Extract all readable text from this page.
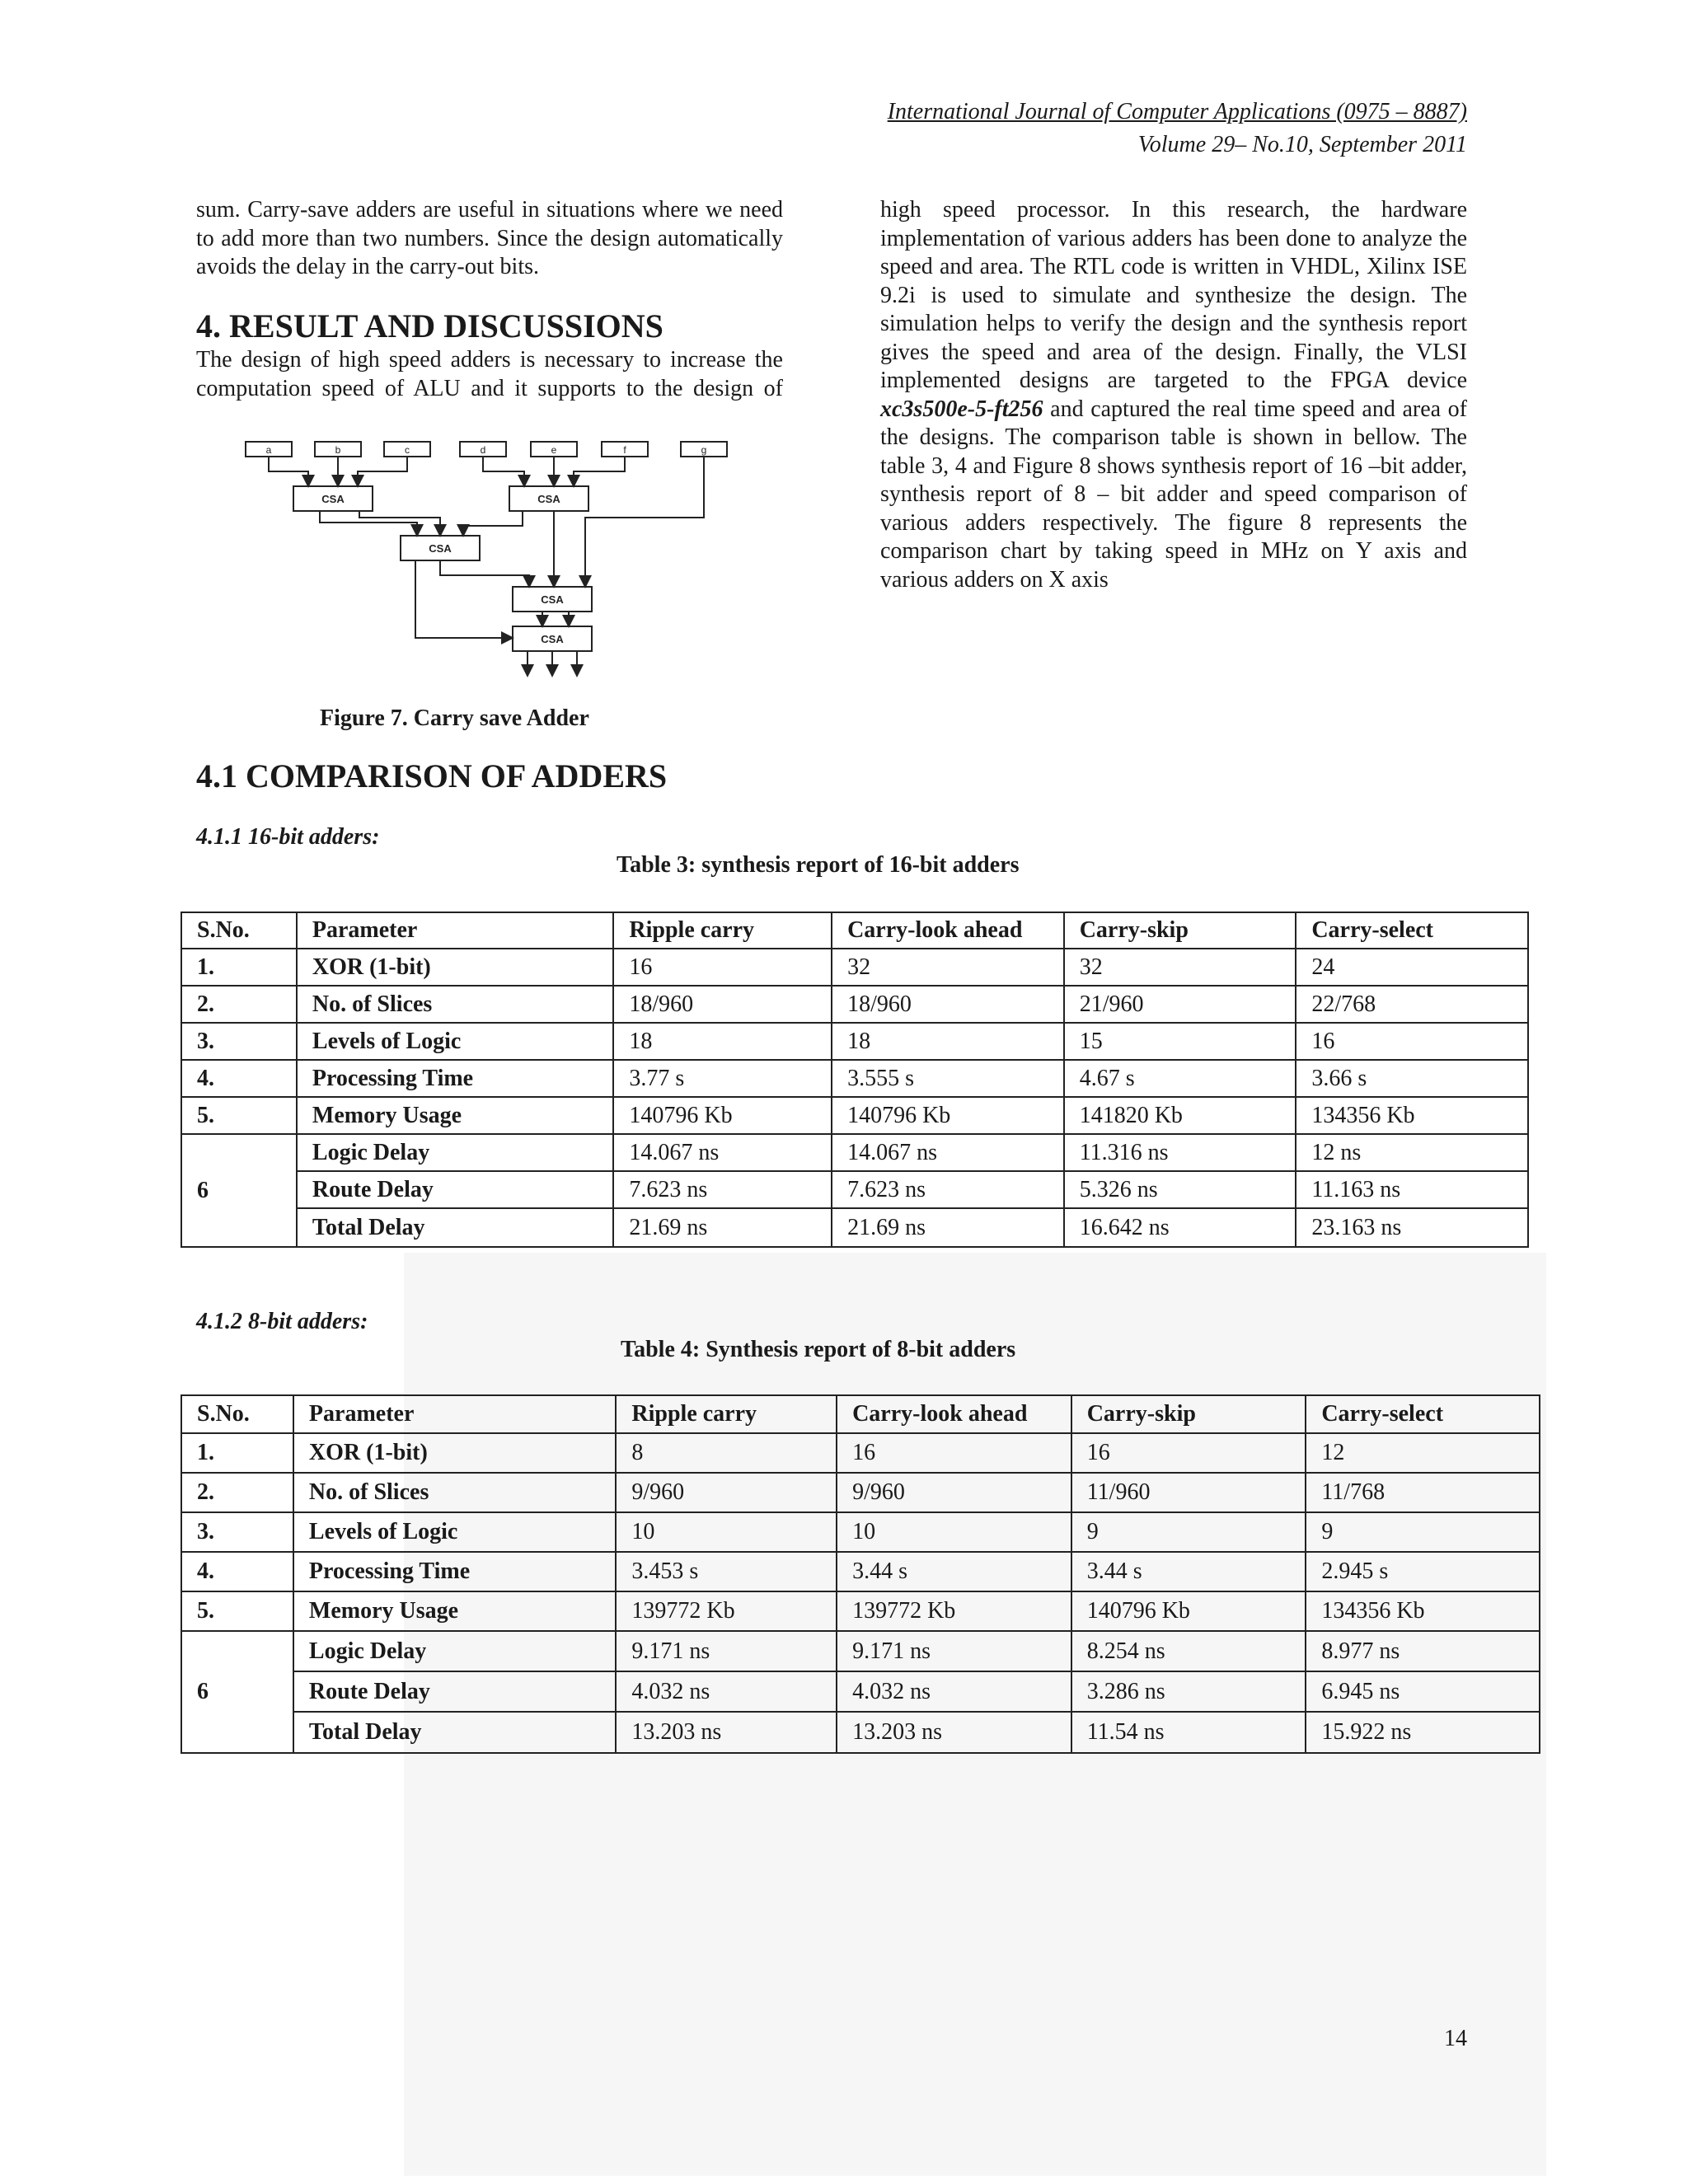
International Journal of Computer Applications (0975 – 8887)
Volume 29– No.10, September 2011

sum. Carry-save adders are useful in situations where we need to add more than two numbers. Since the design automatically avoids the delay in the carry-out bits.

4. RESULT AND DISCUSSIONS

The design of high speed adders is necessary to increase the computation speed of ALU and it supports to the design of

a	b	c	d	e	f	g
CSA	CSA
CSA
CSA
CSA
Figure 7. Carry save Adder
4.1 COMPARISON OF ADDERS

high speed processor. In this research, the hardware implementation of various adders has been done to analyze the speed and area. The RTL code is written in VHDL, Xilinx ISE 9.2i is used to simulate and synthesize the design. The simulation helps to verify the design and the synthesis report gives the speed and area of the design. Finally, the VLSI implemented designs are targeted to the FPGA device xc3s500e-5-ft256 and captured the real time speed and area of the designs. The comparison table is shown in bellow. The table 3, 4 and Figure 8 shows synthesis report of 16 –bit adder, synthesis report of 8 – bit adder and speed comparison of various adders respectively. The figure 8 represents the comparison chart by taking speed in MHz on Y axis and various adders on X axis

4.1.1 16-bit adders:
Table 3: synthesis report of 16-bit adders
S.No.	Parameter	Ripple carry	Carry-look ahead	Carry-skip	Carry-select
1.	XOR (1-bit)	16	32	32	24
2.	No. of Slices	18/960	18/960	21/960	22/768
3.	Levels of Logic	18	18	15	16
4.	Processing Time	3.77 s	3.555 s	4.67 s	3.66 s
5.	Memory Usage	140796 Kb	140796 Kb	141820 Kb	134356 Kb
6	Logic Delay	14.067 ns	14.067 ns	11.316 ns	12 ns
	Route Delay	7.623 ns	7.623 ns	5.326 ns	11.163 ns
	Total Delay	21.69 ns	21.69 ns	16.642 ns	23.163 ns
4.1.2 8-bit adders:
Table 4: Synthesis report of 8-bit adders
S.No.	Parameter	Ripple carry	Carry-look ahead	Carry-skip	Carry-select
1.	XOR (1-bit)	8	16	16	12
2.	No. of Slices	9/960	9/960	11/960	11/768
3.	Levels of Logic	10	10	9	9
4.	Processing Time	3.453 s	3.44 s	3.44 s	2.945 s
5.	Memory Usage	139772 Kb	139772 Kb	140796 Kb	134356 Kb
6	Logic Delay	9.171 ns	9.171 ns	8.254 ns	8.977 ns
	Route Delay	4.032 ns	4.032 ns	3.286 ns	6.945 ns
	Total Delay	13.203 ns	13.203 ns	11.54 ns	15.922 ns
14
